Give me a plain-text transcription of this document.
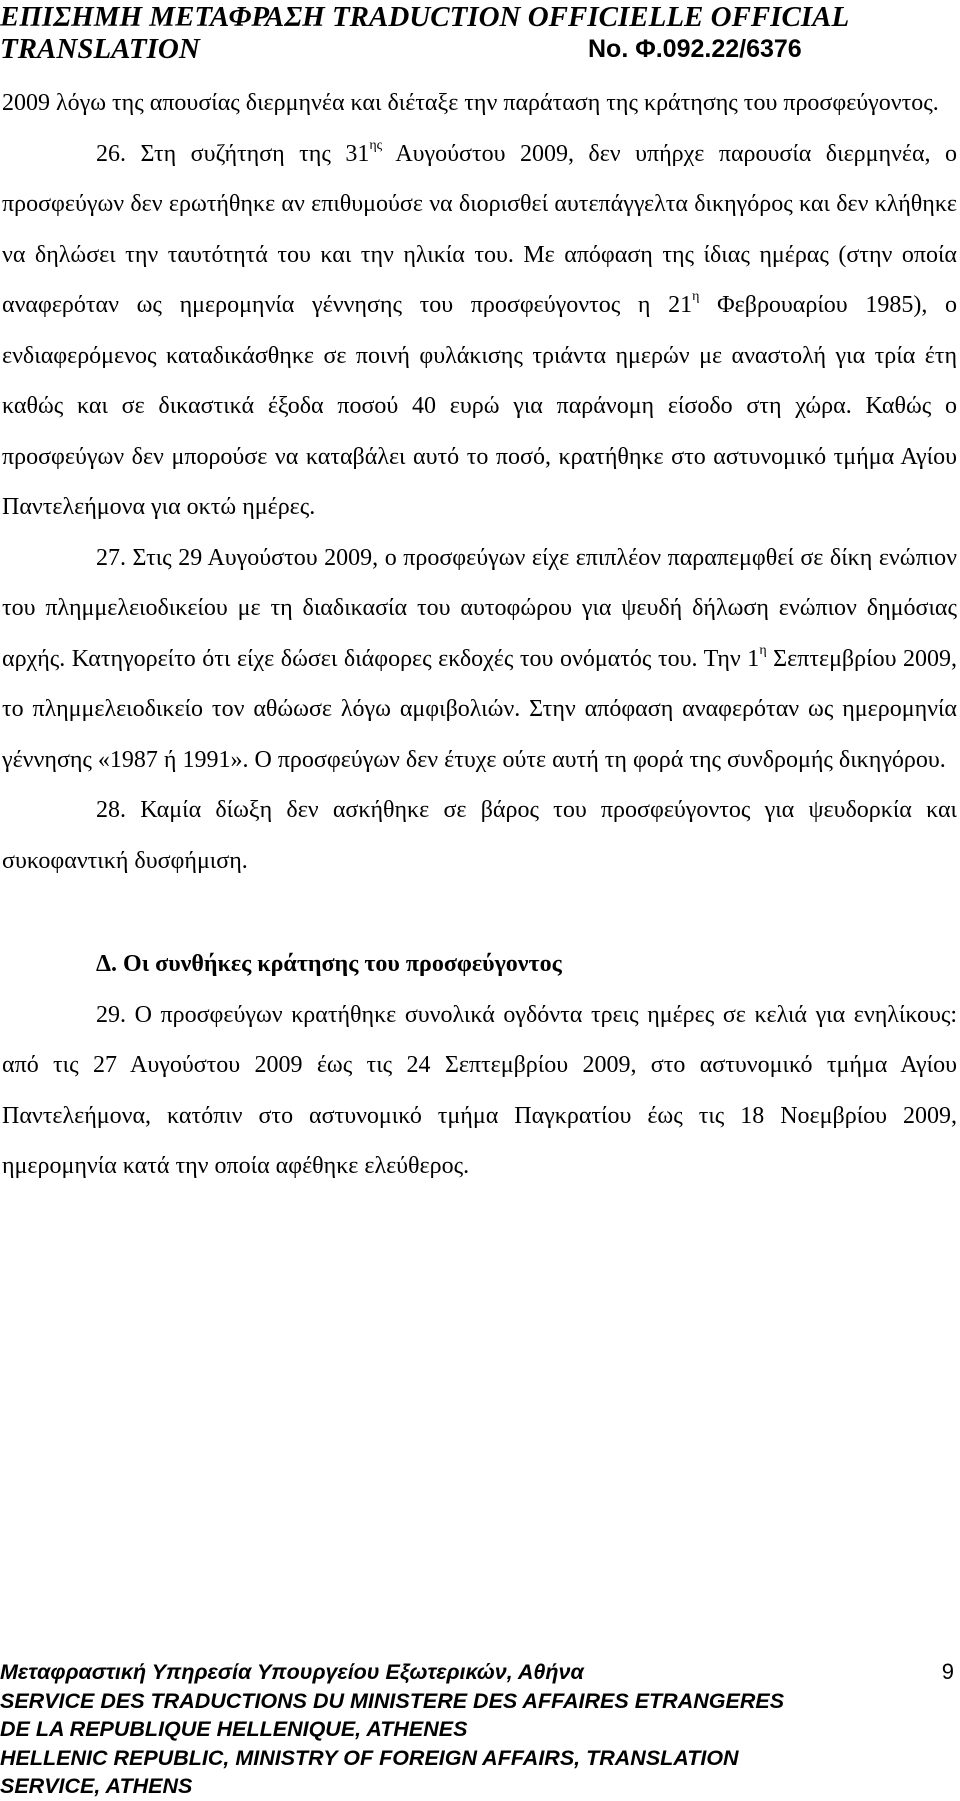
ΕΠΙΣΗΜΗ ΜΕΤΑΦΡΑΣΗ TRADUCTION OFFICIELLE OFFICIAL
TRANSLATION	No. Φ.092.22/6376

2009 λόγω της απουσίας διερμηνέα και διέταξε την παράταση της κράτησης του προσφεύγοντος.

26. Στη συζήτηση της $31^{\eta\varsigma}$ Αυγούστου 2009, δεν υπήρχε παρουσία διερμηνέα, ο προσφεύγων δεν ερωτήθηκε αν επιθυμούσε να διορισθεί αυτεπάγγελτα δικηγόρος και δεν κλήθηκε να δηλώσει την ταυτότητά του και την ηλικία του. Με απόφαση της ίδιας ημέρας (στην οποία αναφερόταν ως ημερομηνία γέννησης του προσφεύγοντος η $21^\eta$ Φεβρουαρίου 1985), ο ενδιαφερόμενος καταδικάσθηκε σε ποινή φυλάκισης τριάντα ημερών με αναστολή για τρία έτη καθώς και σε δικαστικά έξοδα ποσού 40 ευρώ για παράνομη είσοδο στη χώρα. Καθώς ο προσφεύγων δεν μπορούσε να καταβάλει αυτό το ποσό, κρατήθηκε στο αστυνομικό τμήμα Αγίου Παντελεήμονα για οκτώ ημέρες.

27. Στις 29 Αυγούστου 2009, ο προσφεύγων είχε επιπλέον παραπεμφθεί σε δίκη ενώπιον του πλημμελειοδικείου με τη διαδικασία του αυτοφώρου για ψευδή δήλωση ενώπιον δημόσιας αρχής. Κατηγορείτο ότι είχε δώσει διάφορες εκδοχές του ονόματός του. Την $1^\eta$ Σεπτεμβρίου 2009, το πλημμελειοδικείο τον αθώωσε λόγω αμφιβολιών. Στην απόφαση αναφερόταν ως ημερομηνία γέννησης «1987 ή 1991». Ο προσφεύγων δεν έτυχε ούτε αυτή τη φορά της συνδρομής δικηγόρου.

28. Καμία δίωξη δεν ασκήθηκε σε βάρος του προσφεύγοντος για ψευδορκία και συκοφαντική δυσφήμιση.

Δ. Οι συνθήκες κράτησης του προσφεύγοντος

29. Ο προσφεύγων κρατήθηκε συνολικά ογδόντα τρεις ημέρες σε κελιά για ενηλίκους: από τις 27 Αυγούστου 2009 έως τις 24 Σεπτεμβρίου 2009, στο αστυνομικό τμήμα Αγίου Παντελεήμονα, κατόπιν στο αστυνομικό τμήμα Παγκρατίου έως τις 18 Νοεμβρίου 2009, ημερομηνία κατά την οποία αφέθηκε ελεύθερος.

Μεταφραστική Υπηρεσία Υπουργείου Εξωτερικών, Αθήνα	9
SERVICE DES TRADUCTIONS DU MINISTERE DES AFFAIRES ETRANGERES
DE LA REPUBLIQUE HELLENIQUE, ATHENES
HELLENIC REPUBLIC, MINISTRY OF FOREIGN AFFAIRS, TRANSLATION
SERVICE, ATHENS
